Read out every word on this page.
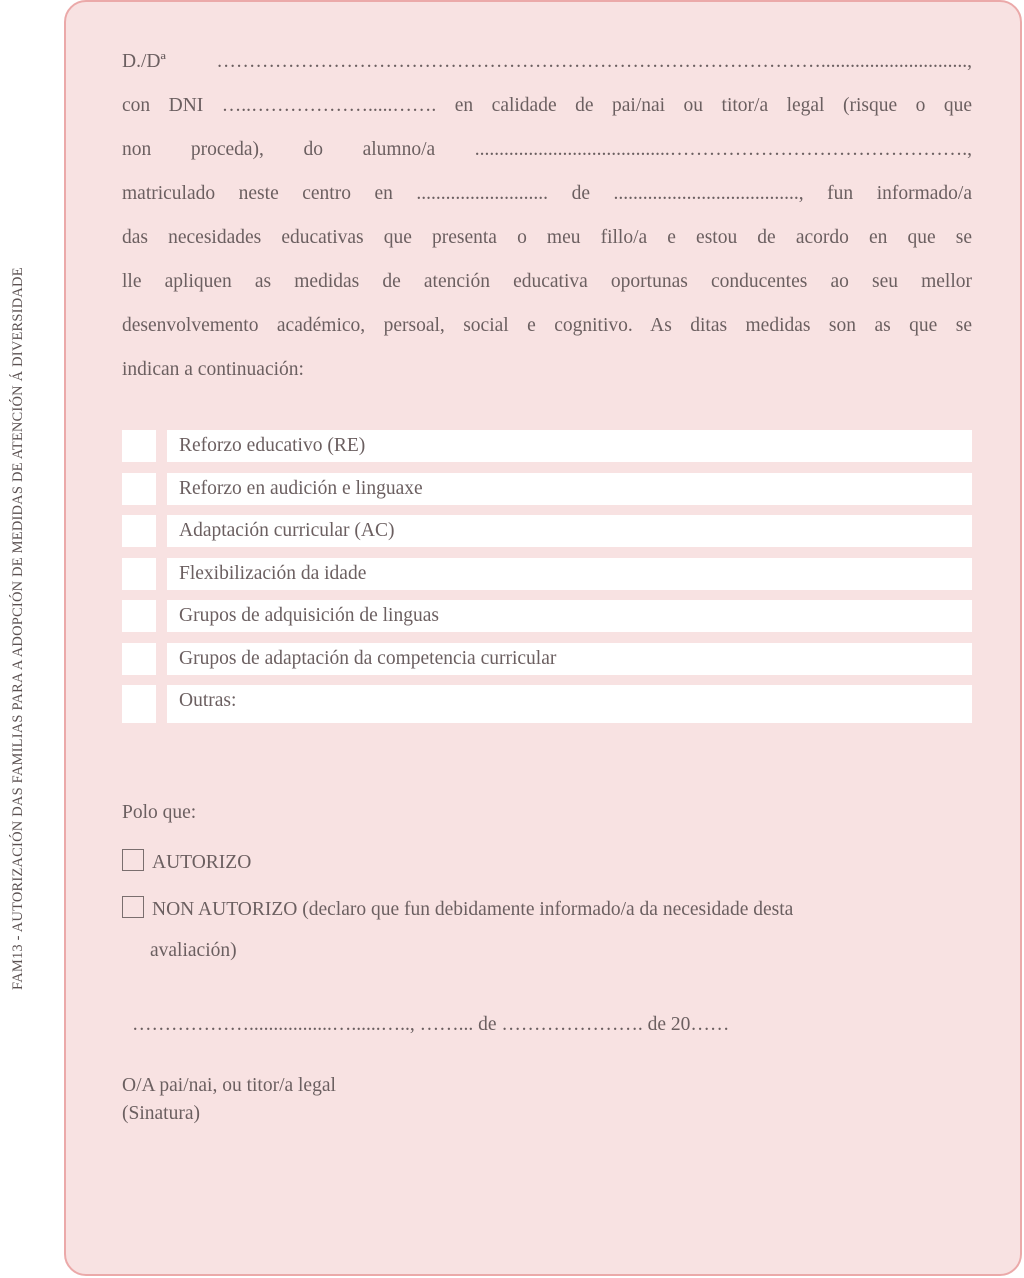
FAM13 - AUTORIZACIÓN DAS FAMILIAS PARA A ADOPCIÓN DE MEDIDAS DE ATENCIÓN Á DIVERSIDADE
D./Dª …………………………………………………………………………………..............................,
con DNI …..……………….....……. en calidade de pai/nai ou titor/a legal (risque o que
non proceda), do alumno/a ........................................……………………………………….,
matriculado neste centro en ........................... de ......................................, fun informado/a
das necesidades educativas que presenta o meu fillo/a e estou de acordo en que se
lle apliquen as medidas de atención educativa oportunas conducentes ao seu mellor
desenvolvemento académico, persoal, social e cognitivo. As ditas medidas son as que se
indican a continuación:
Reforzo educativo (RE)
Reforzo en audición e linguaxe
Adaptación curricular (AC)
Flexibilización da idade
Grupos de adquisición de linguas
Grupos de adaptación da competencia curricular
Outras:
Polo que:
AUTORIZO
NON AUTORIZO (declaro que fun debidamente informado/a da necesidade desta
avaliación)
……………….................…......….., ……... de …………………. de 20……
O/A pai/nai, ou titor/a legal
(Sinatura)
